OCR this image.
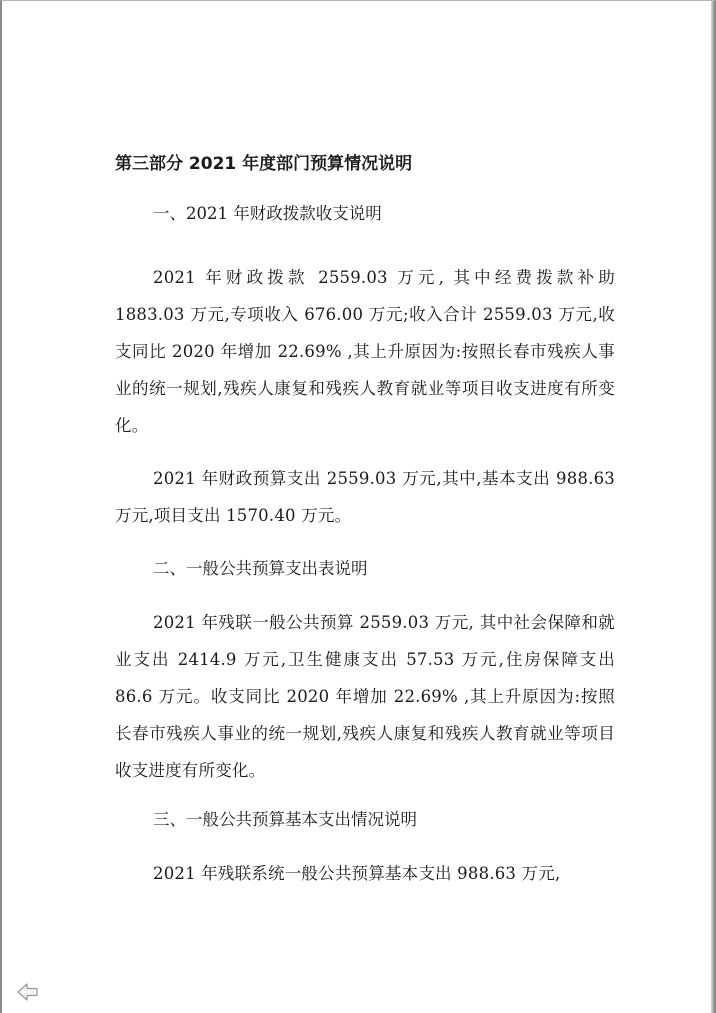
第三部分 2021 年度部门预算情况说明

一、2021 年财政拨款收支说明

2021 年财政拨款 2559.03 万元, 其中经费拨款补助 1883.03 万元,专项收入 676.00 万元;收入合计 2559.03 万元,收支同比 2020 年增加 22.69% ,其上升原因为:按照长春市残疾人事业的统一规划,残疾人康复和残疾人教育就业等项目收支进度有所变化。

2021 年财政预算支出 2559.03 万元,其中,基本支出 988.63 万元,项目支出 1570.40 万元。

二、一般公共预算支出表说明

2021 年残联一般公共预算 2559.03 万元, 其中社会保障和就业支出 2414.9 万元,卫生健康支出 57.53 万元,住房保障支出 86.6 万元。收支同比 2020 年增加 22.69% ,其上升原因为:按照长春市残疾人事业的统一规划,残疾人康复和残疾人教育就业等项目收支进度有所变化。

三、一般公共预算基本支出情况说明

2021 年残联系统一般公共预算基本支出 988.63 万元,
